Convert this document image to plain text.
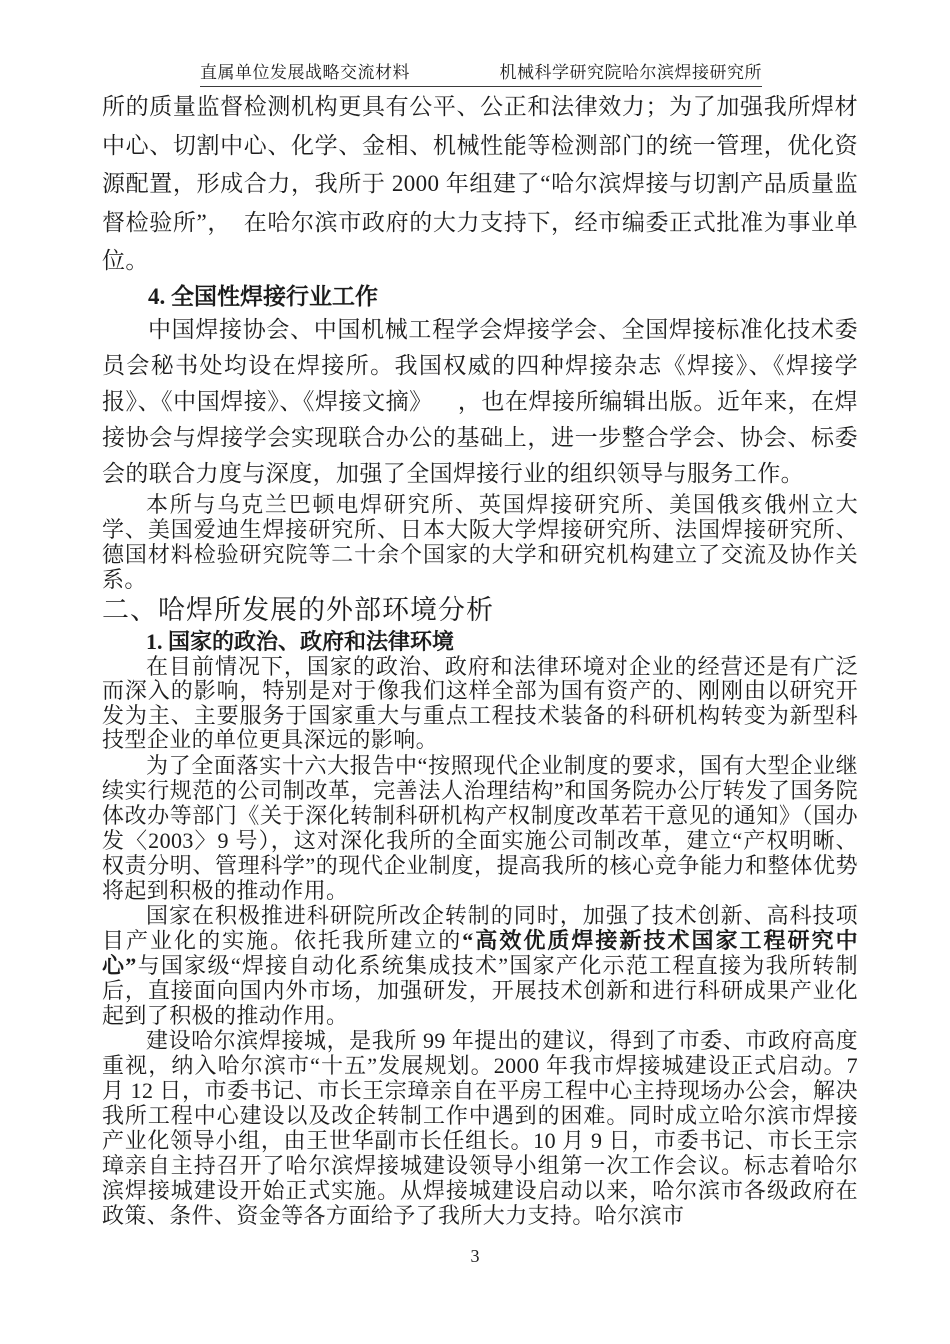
直属单位发展战略交流材料	机械科学研究院哈尔滨焊接研究所

所的质量监督检测机构更具有公平、公正和法律效力；为了加强我所焊材中心、切割中心、化学、金相、机械性能等检测部门的统一管理，优化资源配置，形成合力，我所于 2000 年组建了“哈尔滨焊接与切割产品质量监督检验所”，  在哈尔滨市政府的大力支持下，经市编委正式批准为事业单位。

4. 全国性焊接行业工作

中国焊接协会、中国机械工程学会焊接学会、全国焊接标准化技术委员会秘书处均设在焊接所。我国权威的四种焊接杂志《焊接》、《焊接学报》、《中国焊接》、《焊接文摘》    ，也在焊接所编辑出版。近年来，在焊接协会与焊接学会实现联合办公的基础上，进一步整合学会、协会、标委会的联合力度与深度，加强了全国焊接行业的组织领导与服务工作。

本所与乌克兰巴顿电焊研究所、英国焊接研究所、美国俄亥俄州立大学、美国爱迪生焊接研究所、日本大阪大学焊接研究所、法国焊接研究所、德国材料检验研究院等二十余个国家的大学和研究机构建立了交流及协作关系。

二、哈焊所发展的外部环境分析
1. 国家的政治、政府和法律环境

在目前情况下，国家的政治、政府和法律环境对企业的经营还是有广泛而深入的影响，特别是对于像我们这样全部为国有资产的、刚刚由以研究开发为主、主要服务于国家重大与重点工程技术装备的科研机构转变为新型科技型企业的单位更具深远的影响。

为了全面落实十六大报告中“按照现代企业制度的要求，国有大型企业继续实行规范的公司制改革，完善法人治理结构”和国务院办公厅转发了国务院体改办等部门《关于深化转制科研机构产权制度改革若干意见的通知》（国办发〈2003〉9 号），这对深化我所的全面实施公司制改革，建立“产权明晰、权责分明、管理科学”的现代企业制度，提高我所的核心竞争能力和整体优势将起到积极的推动作用。

国家在积极推进科研院所改企转制的同时，加强了技术创新、高科技项目产业化的实施。依托我所建立的“高效优质焊接新技术国家工程研究中心”与国家级“焊接自动化系统集成技术”国家产化示范工程直接为我所转制后，直接面向国内外市场，加强研发，开展技术创新和进行科研成果产业化起到了积极的推动作用。

建设哈尔滨焊接城，是我所 99 年提出的建议，得到了市委、市政府高度重视，纳入哈尔滨市“十五”发展规划。2000 年我市焊接城建设正式启动。7 月 12 日，市委书记、市长王宗璋亲自在平房工程中心主持现场办公会，解决我所工程中心建设以及改企转制工作中遇到的困难。同时成立哈尔滨市焊接产业化领导小组，由王世华副市长任组长。10 月 9 日，市委书记、市长王宗璋亲自主持召开了哈尔滨焊接城建设领导小组第一次工作会议。标志着哈尔滨焊接城建设开始正式实施。从焊接城建设启动以来，哈尔滨市各级政府在政策、条件、资金等各方面给予了我所大力支持。哈尔滨市

3
